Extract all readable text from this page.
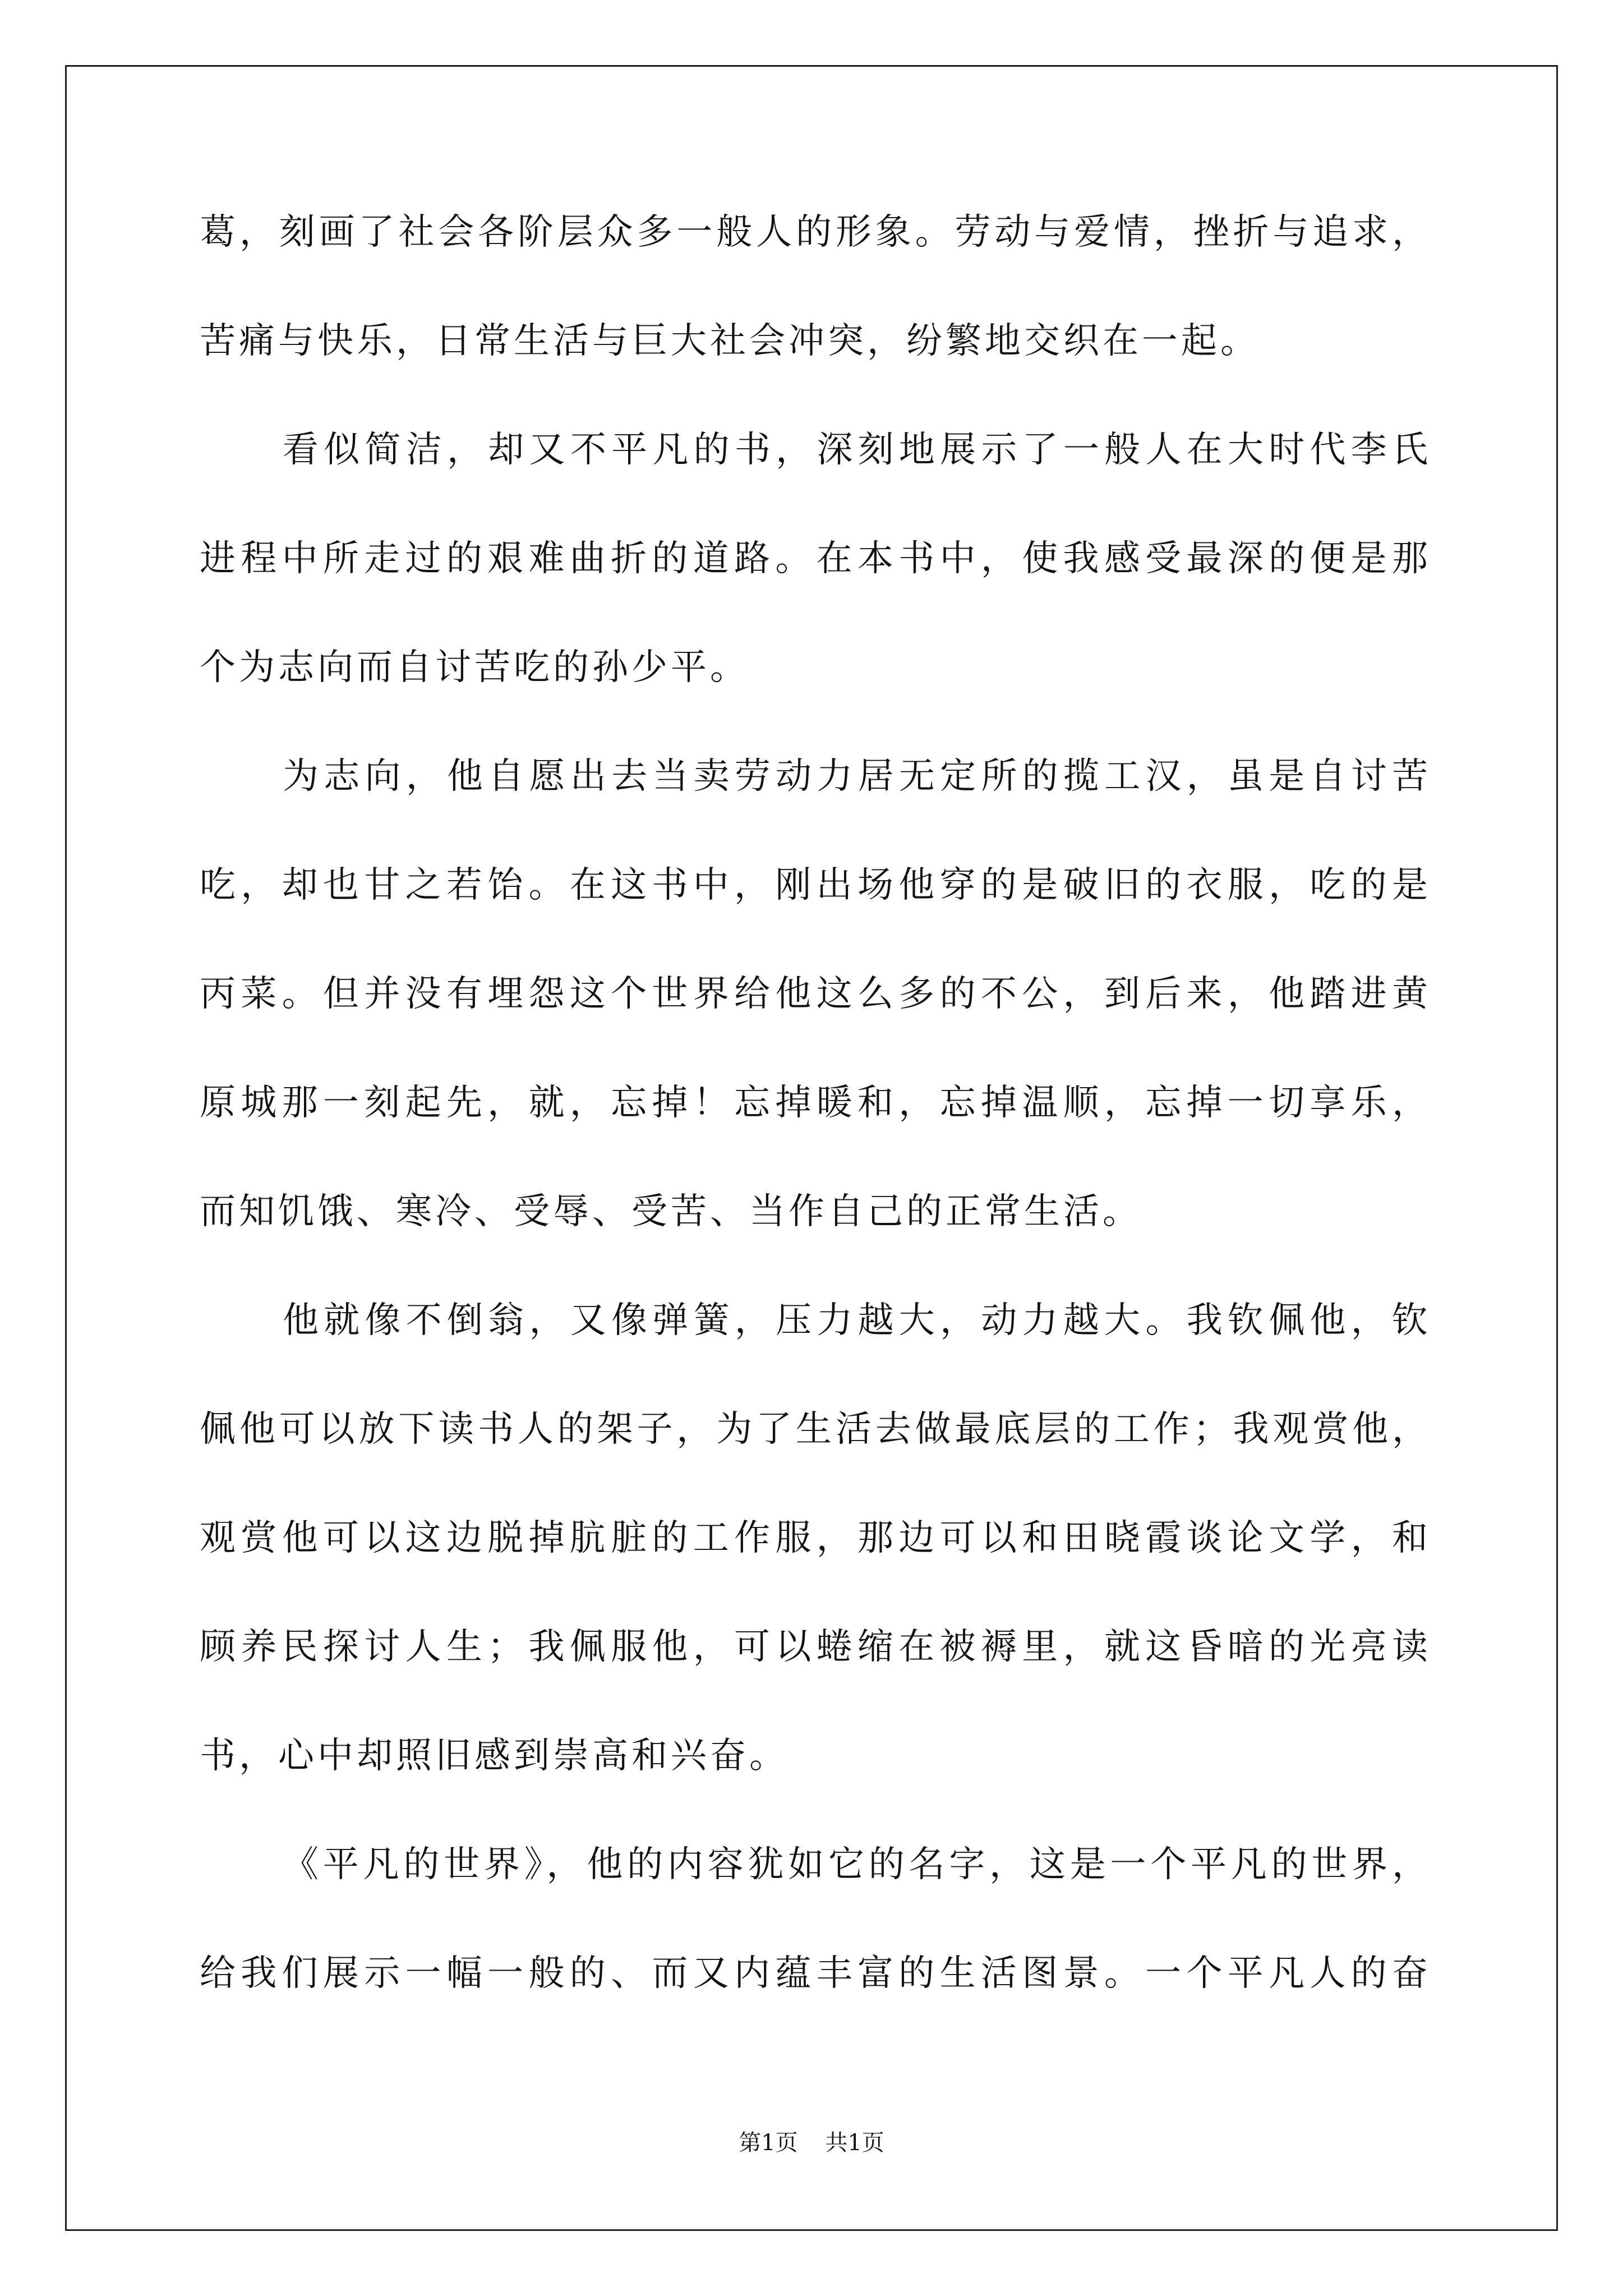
葛，刻画了社会各阶层众多一般人的形象。劳动与爱情，挫折与追求，
苦痛与快乐，日常生活与巨大社会冲突，纷繁地交织在一起。
看似简洁，却又不平凡的书，深刻地展示了一般人在大时代李氏
进程中所走过的艰难曲折的道路。在本书中，使我感受最深的便是那
个为志向而自讨苦吃的孙少平。
为志向，他自愿出去当卖劳动力居无定所的揽工汉，虽是自讨苦
吃，却也甘之若饴。在这书中，刚出场他穿的是破旧的衣服，吃的是
丙菜。但并没有埋怨这个世界给他这么多的不公，到后来，他踏进黄
原城那一刻起先，就，忘掉！忘掉暖和，忘掉温顺，忘掉一切享乐，
而知饥饿、寒冷、受辱、受苦、当作自己的正常生活。
他就像不倒翁，又像弹簧，压力越大，动力越大。我钦佩他，钦
佩他可以放下读书人的架子，为了生活去做最底层的工作；我观赏他，
观赏他可以这边脱掉肮脏的工作服，那边可以和田晓霞谈论文学，和
顾养民探讨人生；我佩服他，可以蜷缩在被褥里，就这昏暗的光亮读
书，心中却照旧感到崇高和兴奋。
《平凡的世界》，他的内容犹如它的名字，这是一个平凡的世界，
给我们展示一幅一般的、而又内蕴丰富的生活图景。一个平凡人的奋
第1页 共1页
